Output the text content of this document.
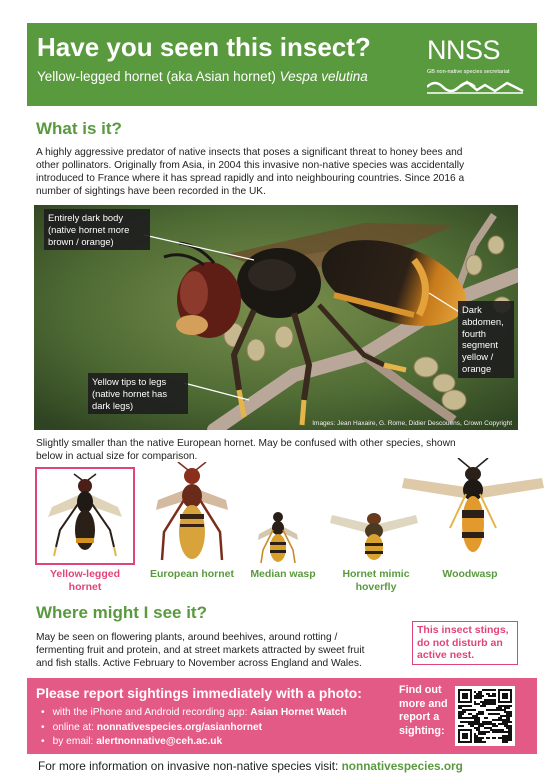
Have you seen this insect?
Yellow-legged hornet (aka Asian hornet) Vespa velutina
NNSS
GB non-native species secretariat
What is it?
A highly aggressive predator of native insects that poses a significant threat to honey bees and
other pollinators. Originally from Asia, in 2004 this invasive non-native species was accidentally
introduced to France where it has spread rapidly and into neighbouring countries. Since 2016 a
number of sightings have been recorded in the UK.
Entirely dark body
(native hornet more
brown / orange)
Dark
abdomen,
fourth
segment
yellow /
orange
Yellow tips to legs
(native hornet has
dark legs)
Images: Jean Haxaire, G. Rome, Didier Descouens, Crown Copyright
Slightly smaller than the native European hornet. May be confused with other species, shown
below in actual size for comparison.
Yellow-legged
hornet
European hornet	Median wasp	Hornet mimic
hoverfly
Woodwasp
Where might I see it?
May be seen on flowering plants, around beehives, around rotting /
fermenting fruit and protein, and at street markets attracted by sweet fruit
and fish stalls. Active February to November across England and Wales.
This insect stings,
do not disturb an
active nest.
Please report sightings immediately with a photo:
• with the iPhone and Android recording app: Asian Hornet Watch
• online at: nonnativespecies.org/asianhornet
• by email: alertnonnative@ceh.ac.uk
Find out
more and
report a
sighting:
For more information on invasive non-native species visit: nonnativespecies.org
